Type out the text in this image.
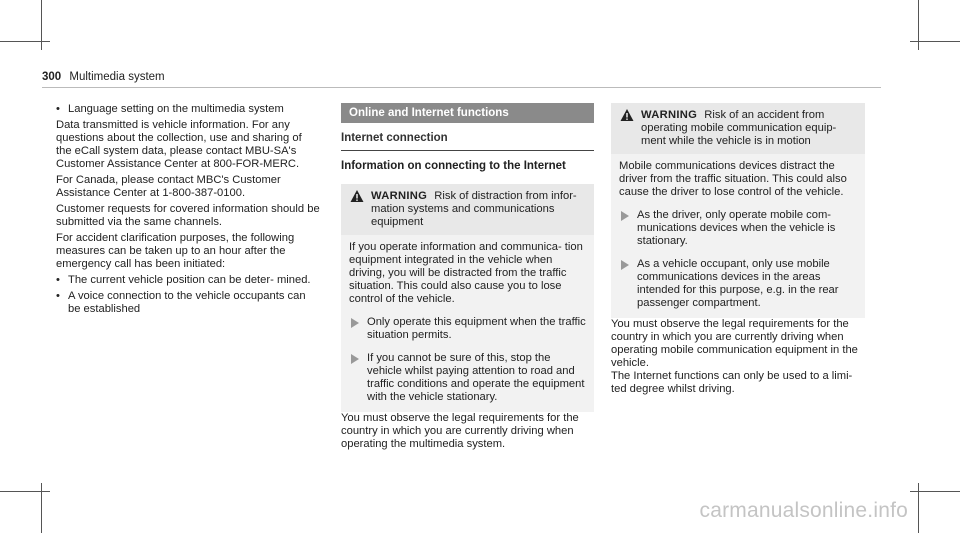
300 Multimedia system
• Language setting on the multimedia system

Data transmitted is vehicle information. For any questions about the collection, use and sharing of the eCall system data, please contact MBU-SA's Customer Assistance Center at 800-FOR-MERC.

For Canada, please contact MBC's Customer Assistance Center at 1-800-387-0100.

Customer requests for covered information should be submitted via the same channels.

For accident clarification purposes, the following measures can be taken up to an hour after the emergency call has been initiated:

• The current vehicle position can be deter- mined.
• A voice connection to the vehicle occupants can be established
Online and Internet functions
Internet connection
Information on connecting to the Internet
WARNING Risk of distraction from infor- mation systems and communications equipment

If you operate information and communica- tion equipment integrated in the vehicle when driving, you will be distracted from the traffic situation. This could also cause you to lose control of the vehicle.

Only operate this equipment when the traffic situation permits.
If you cannot be sure of this, stop the vehicle whilst paying attention to road and traffic conditions and operate the equipment with the vehicle stationary.

You must observe the legal requirements for the country in which you are currently driving when operating the multimedia system.

WARNING Risk of an accident from operating mobile communication equip- ment while the vehicle is in motion

Mobile communications devices distract the driver from the traffic situation. This could also cause the driver to lose control of the vehicle.

As the driver, only operate mobile com- munications devices when the vehicle is stationary.
As a vehicle occupant, only use mobile communications devices in the areas intended for this purpose, e.g. in the rear passenger compartment.

You must observe the legal requirements for the country in which you are currently driving when operating mobile communication equipment in the vehicle.

The Internet functions can only be used to a limi- ted degree whilst driving.

carmanualsonline.info
